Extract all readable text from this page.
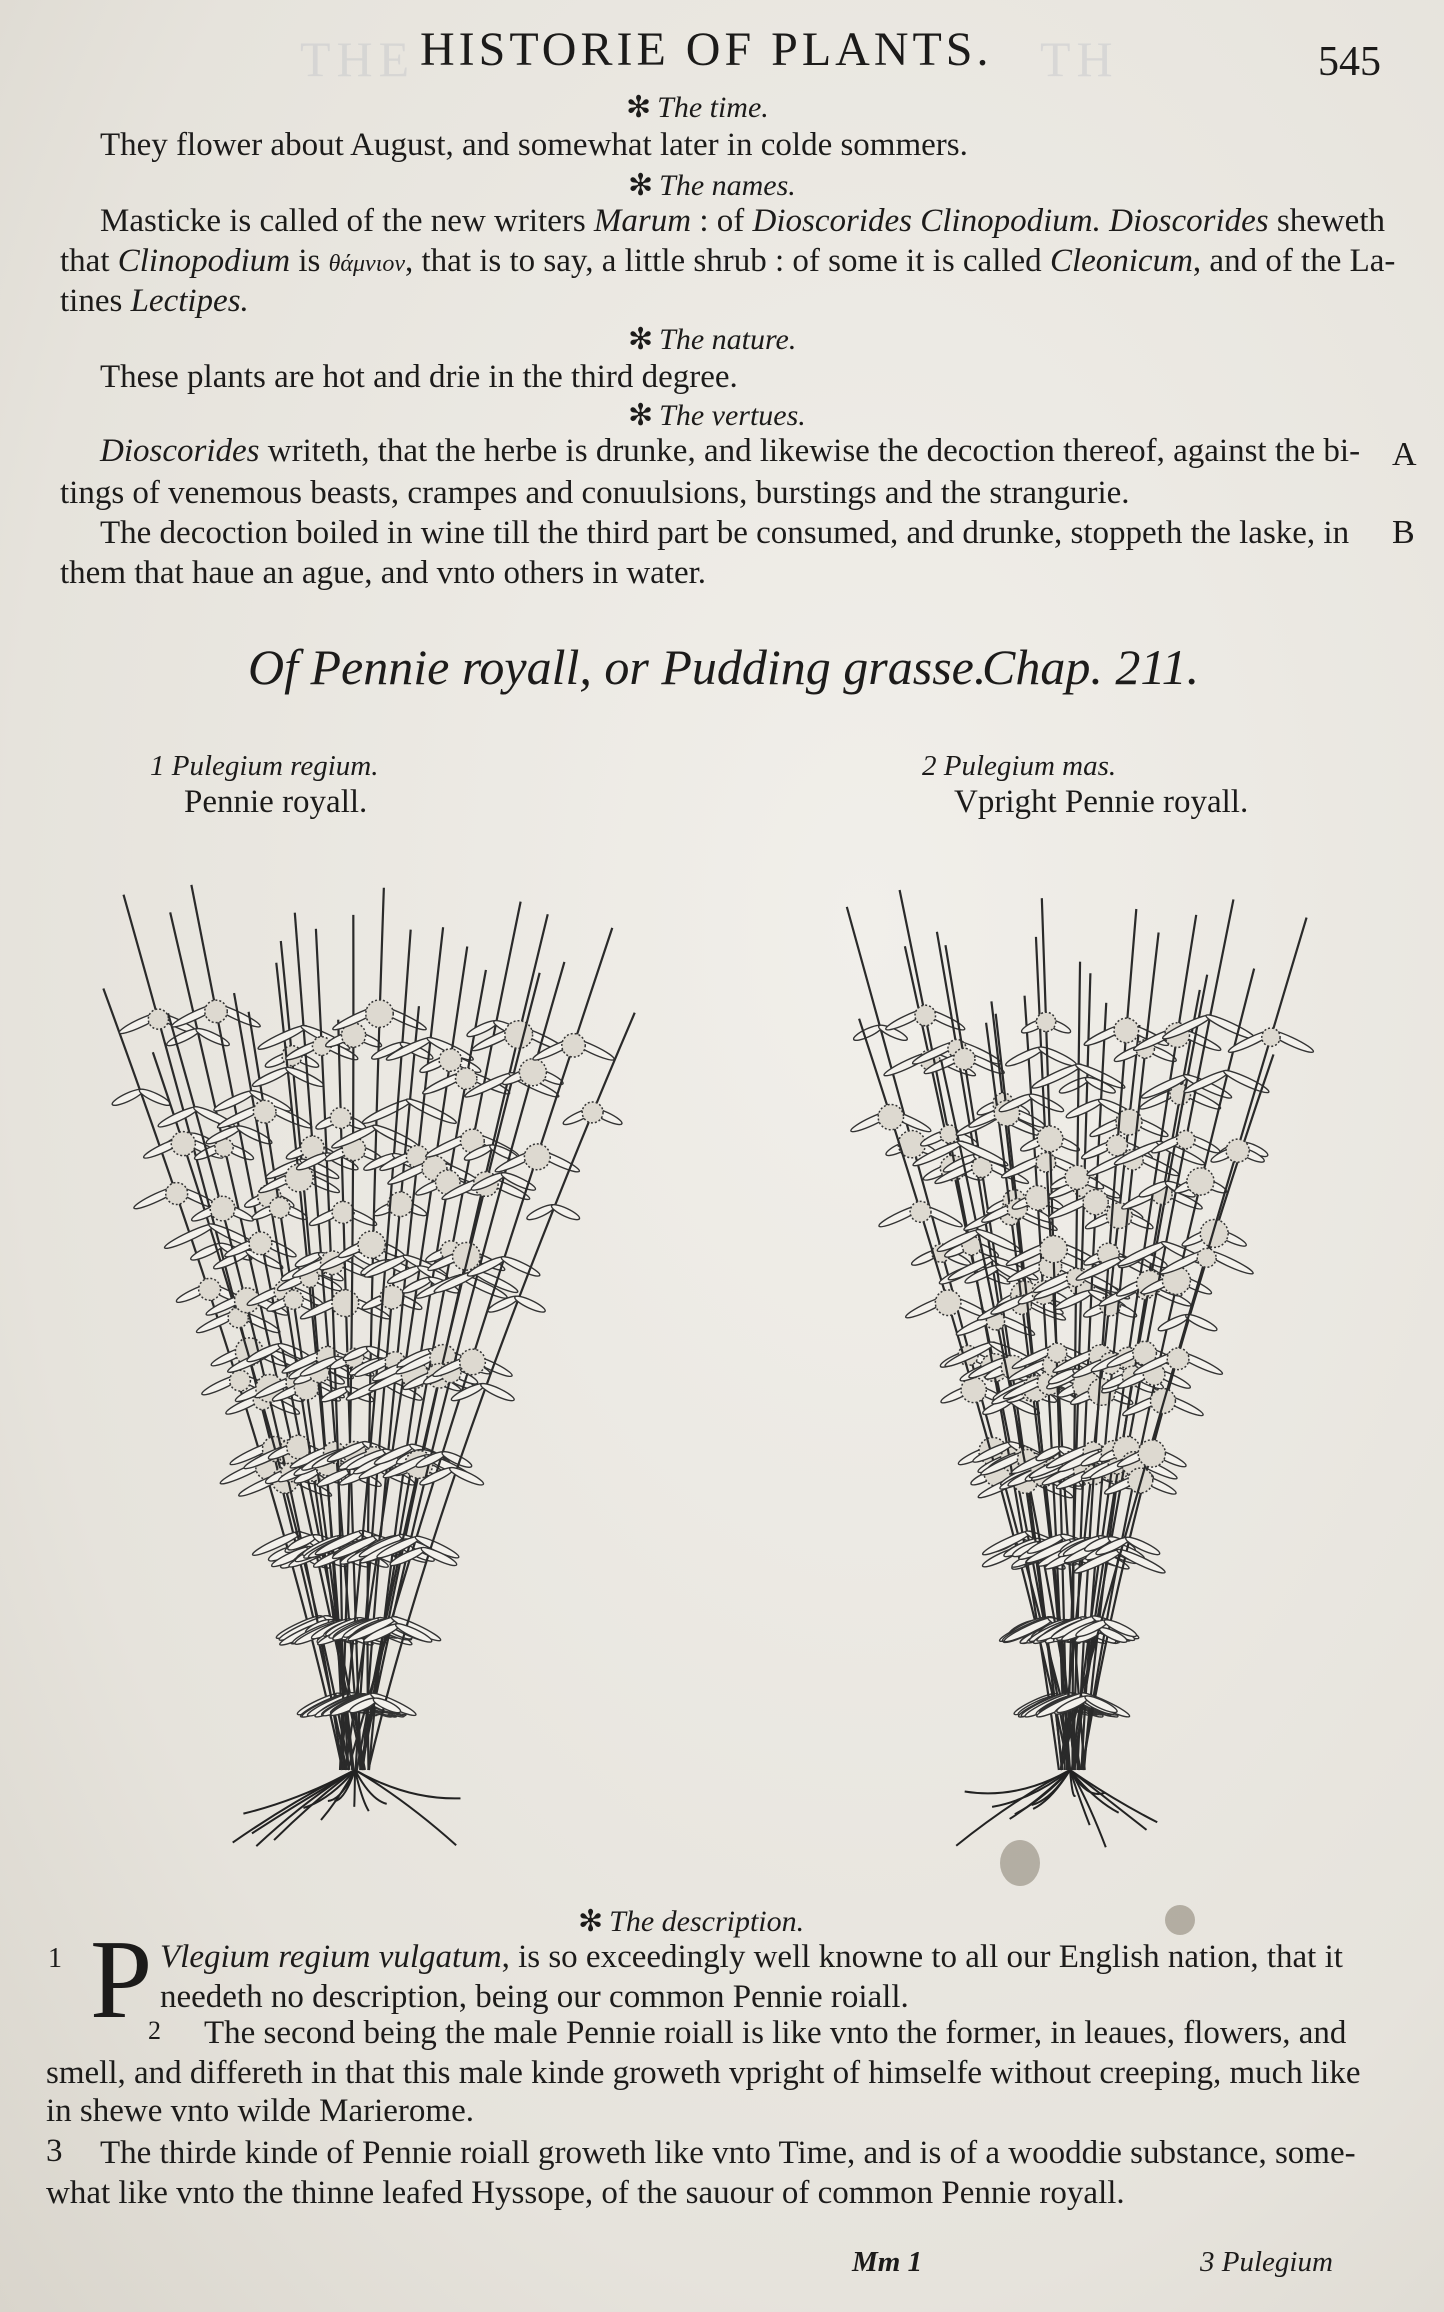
THE	TH
HISTORIE OF PLANTS.	545
✻ The time.
They flower about August, and somewhat later in colde sommers.
✻ The names.
Masticke is called of the new writers Marum : of Dioscorides Clinopodium. Dioscorides sheweth
that Clinopodium is θάμνιον, that is to say, a little shrub : of some it is called Cleonicum, and of the La-
tines Lectipes.
✻ The nature.
These plants are hot and drie in the third degree.
✻ The vertues.
Dioscorides writeth, that the herbe is drunke, and likewise the decoction thereof, against the bi-
tings of venemous beasts, crampes and conuulsions, burstings and the strangurie.
The decoction boiled in wine till the third part be consumed, and drunke, stoppeth the laske, in
them that haue an ague, and vnto others in water.
A
B
Of Pennie royall, or Pudding grasse.
Chap. 211.
1 Pulegium regium.
Pennie royall.
2 Pulegium mas.
Vpright Pennie royall.
✻ The description.
1 P Vlegium regium vulgatum, is so exceedingly well knowne to all our English nation, that it
needeth no description, being our common Pennie roiall.
2 The second being the male Pennie roiall is like vnto the former, in leaues, flowers, and
smell, and differeth in that this male kinde groweth vpright of himselfe without creeping, much like
in shewe vnto wilde Marierome.
3 The thirde kinde of Pennie roiall groweth like vnto Time, and is of a wooddie substance, some-
what like vnto the thinne leafed Hyssope, of the sauour of common Pennie royall.
Mm 1	3 Pulegium
